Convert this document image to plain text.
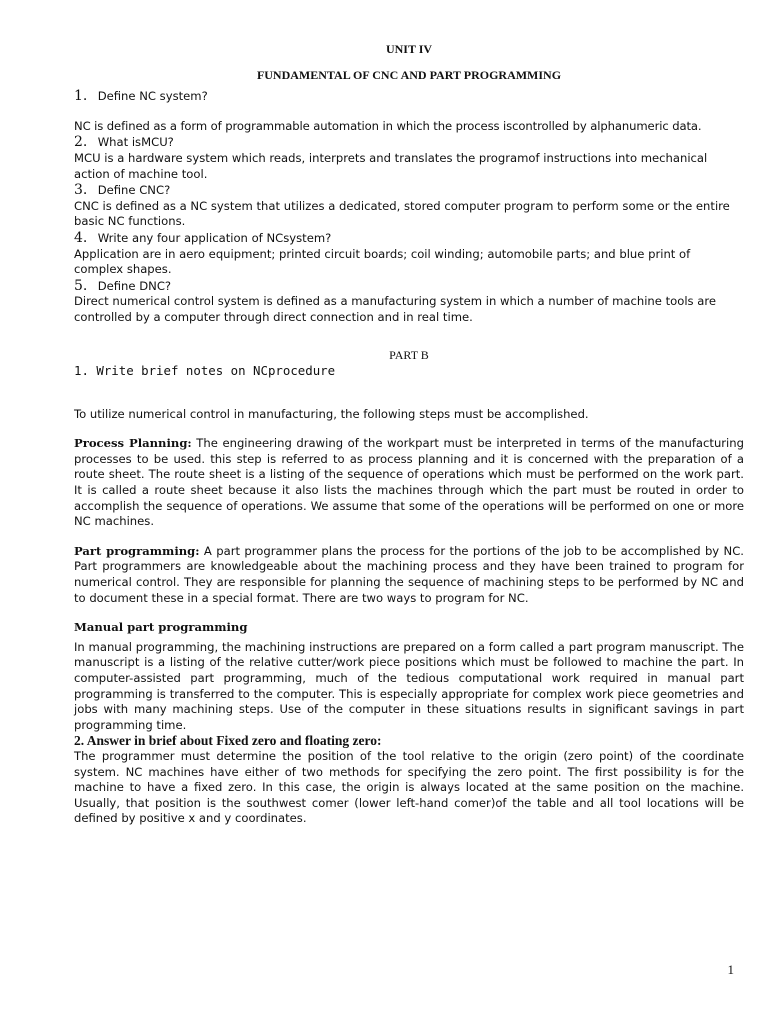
UNIT IV

FUNDAMENTAL OF CNC AND PART PROGRAMMING

1. Define NC system?

NC is defined as a form of programmable automation in which the process iscontrolled by alphanumeric data.

2. What isMCU?

MCU is a hardware system which reads, interprets and translates the programof instructions into mechanical action of machine tool.

3. Define CNC?

CNC is defined as a NC system that utilizes a dedicated, stored computer program to perform some or the entire basic NC functions.

4. Write any four application of NCsystem?

Application are in aero equipment; printed circuit boards; coil winding; automobile parts; and blue print of complex shapes.

5. Define DNC?

Direct numerical control system is defined as a manufacturing system in which a number of machine tools are controlled by a computer through direct connection and in real time.

PART B

1. Write brief notes on NCprocedure

To utilize numerical control in manufacturing, the following steps must be accomplished.

Process Planning: The engineering drawing of the workpart must be interpreted in terms of the manufacturing processes to be used. this step is referred to as process planning and it is concerned with the preparation of a route sheet. The route sheet is a listing of the sequence of operations which must be performed on the work part. It is called a route sheet because it also lists the machines through which the part must be routed in order to accomplish the sequence of operations. We assume that some of the operations will be performed on one or more NC machines.

Part programming: A part programmer plans the process for the portions of the job to be accomplished by NC. Part programmers are knowledgeable about the machining process and they have been trained to program for numerical control. They are responsible for planning the sequence of machining steps to be performed by NC and to document these in a special format. There are two ways to program for NC.

Manual part programming

In manual programming, the machining instructions are prepared on a form called a part program manuscript. The manuscript is a listing of the relative cutter/work piece positions which must be followed to machine the part. In computer-assisted part programming, much of the tedious computational work required in manual part programming is transferred to the computer. This is especially appropriate for complex work piece geometries and jobs with many machining steps. Use of the computer in these situations results in significant savings in part programming time.

2. Answer in brief about Fixed zero and floating zero:

The programmer must determine the position of the tool relative to the origin (zero point) of the coordinate system. NC machines have either of two methods for specifying the zero point. The first possibility is for the machine to have a fixed zero. In this case, the origin is always located at the same position on the machine. Usually, that position is the southwest comer (lower left-hand comer)of the table and all tool locations will be defined by positive x and y coordinates.

1
